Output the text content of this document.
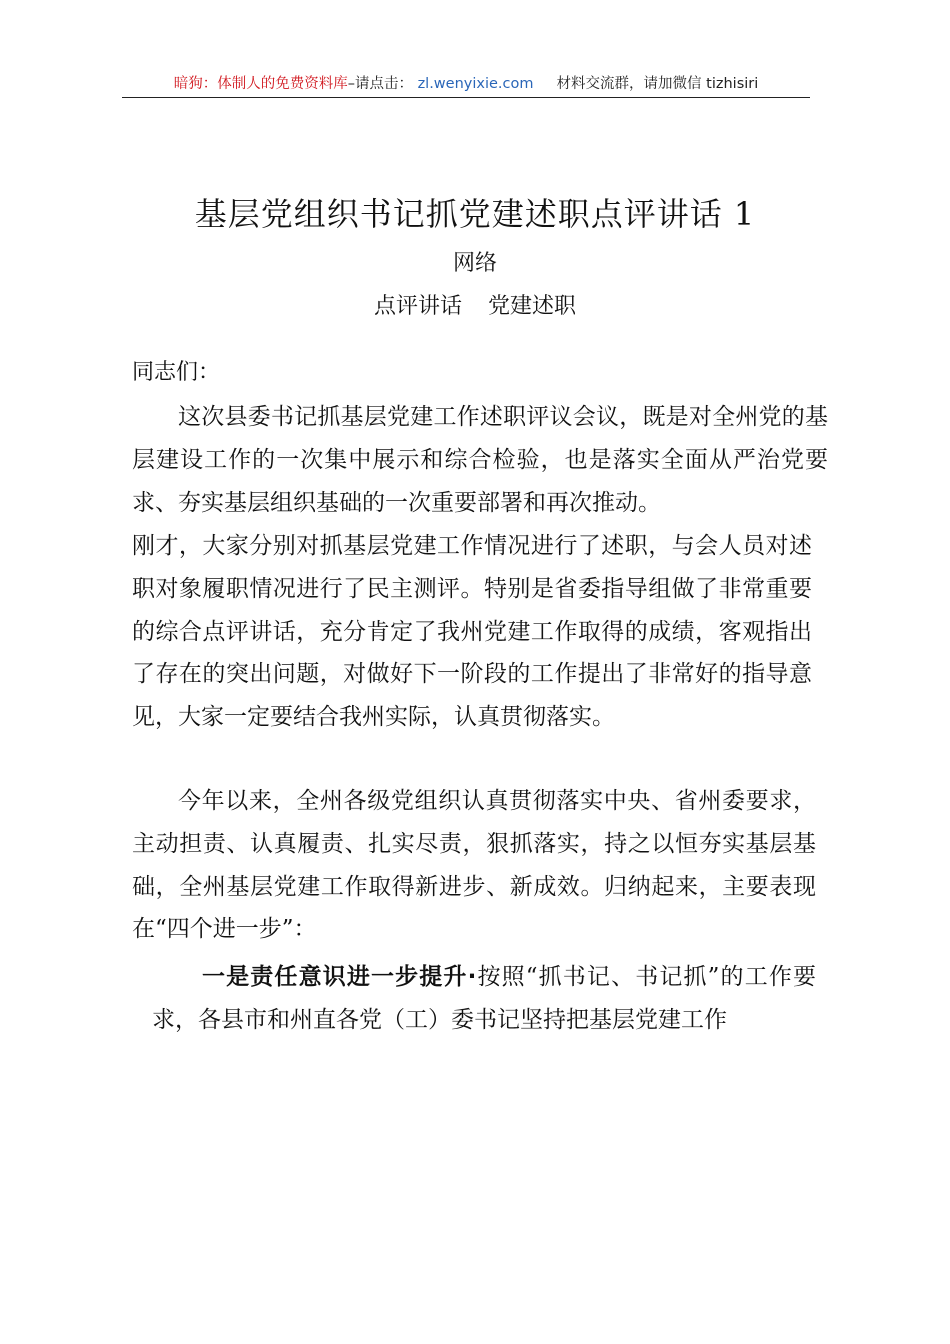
暗狗：体制人的免费资料库–请点击： zl.wenyixie.com 材料交流群，请加微信 tizhisiri
基层党组织书记抓党建述职点评讲话 1
网络
点评讲话 党建述职
同志们：

这次县委书记抓基层党建工作述职评议会议，既是对全州党的基层建设工作的一次集中展示和综合检验，也是落实全面从严治党要求、夯实基层组织基础的一次重要部署和再次推动。

刚才，大家分别对抓基层党建工作情况进行了述职，与会人员对述职对象履职情况进行了民主测评。特别是省委指导组做了非常重要的综合点评讲话，充分肯定了我州党建工作取得的成绩，客观指出了存在的突出问题，对做好下一阶段的工作提出了非常好的指导意见，大家一定要结合我州实际，认真贯彻落实。

今年以来，全州各级党组织认真贯彻落实中央、省州委要求，主动担责、认真履责、扎实尽责，狠抓落实，持之以恒夯实基层基础，全州基层党建工作取得新进步、新成效。归纳起来，主要表现在“四个进一步”：

一是责任意识进一步提升·按照“抓书记、书记抓”的工作要求，各县市和州直各党（工）委书记坚持把基层党建工作
